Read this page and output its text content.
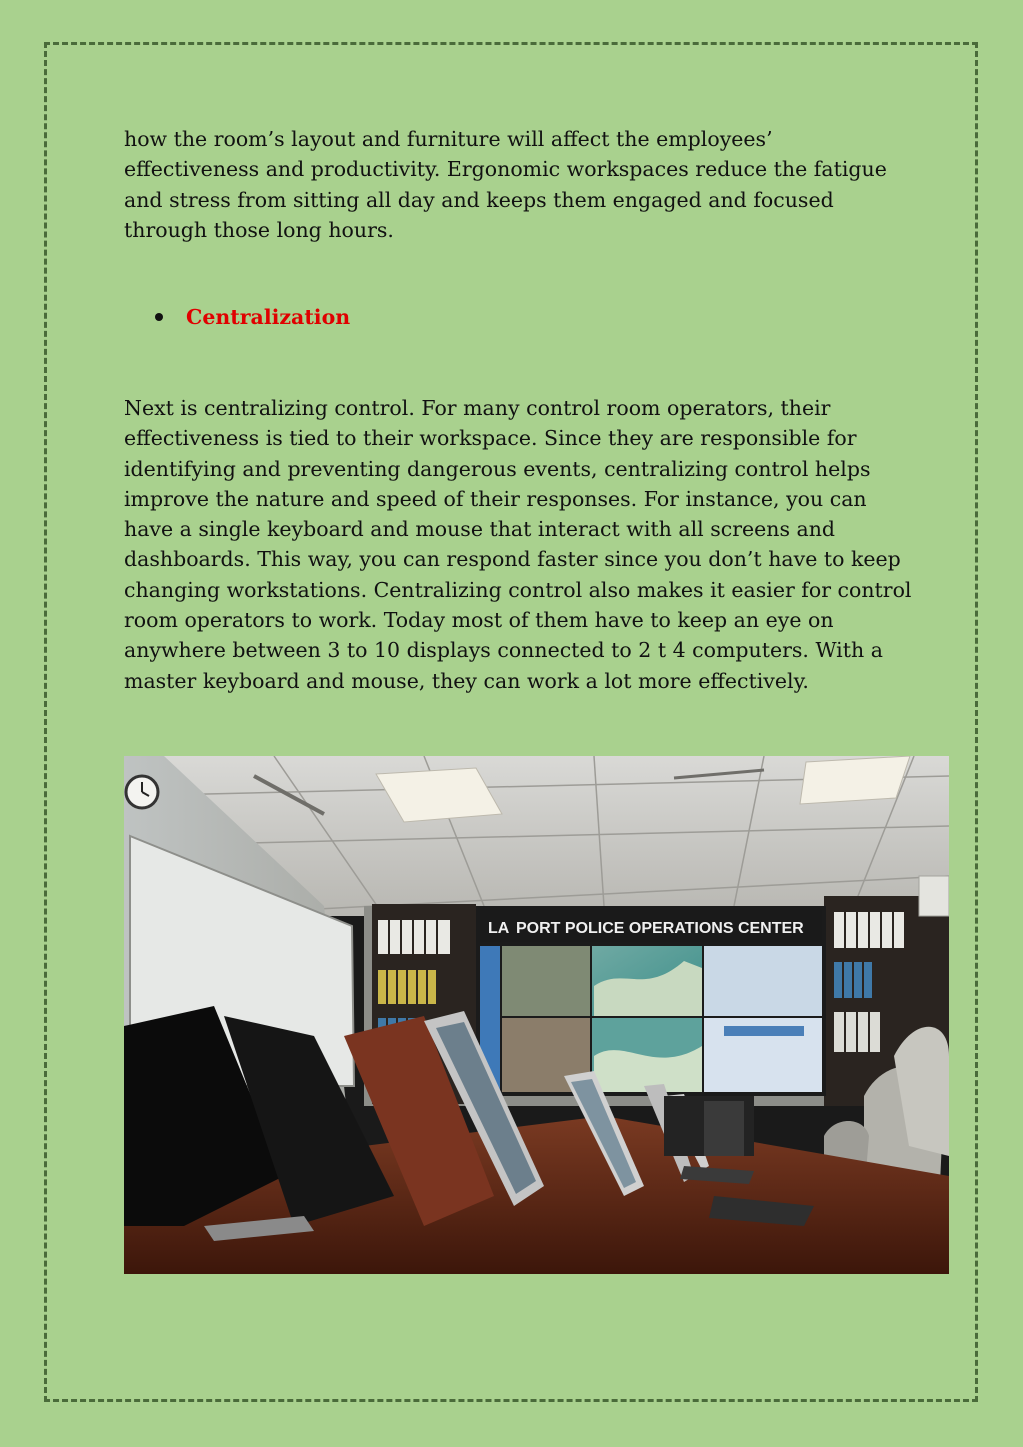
how the room’s layout and furniture will affect the employees’ effectiveness and productivity. Ergonomic workspaces reduce the fatigue and stress from sitting all day and keeps them engaged and focused through those long hours.

Centralization

Next is centralizing control. For many control room operators, their effectiveness is tied to their workspace. Since they are responsible for identifying and preventing dangerous events, centralizing control helps improve the nature and speed of their responses. For instance, you can have a single keyboard and mouse that interact with all screens and dashboards. This way, you can respond faster since you don’t have to keep changing workstations. Centralizing control also makes it easier for control room operators to work. Today most of them have to keep an eye on anywhere between 3 to 10 displays connected to 2 t 4 computers. With a master keyboard and mouse, they can work a lot more effectively.

LA PORT POLICE OPERATIONS CENTER
